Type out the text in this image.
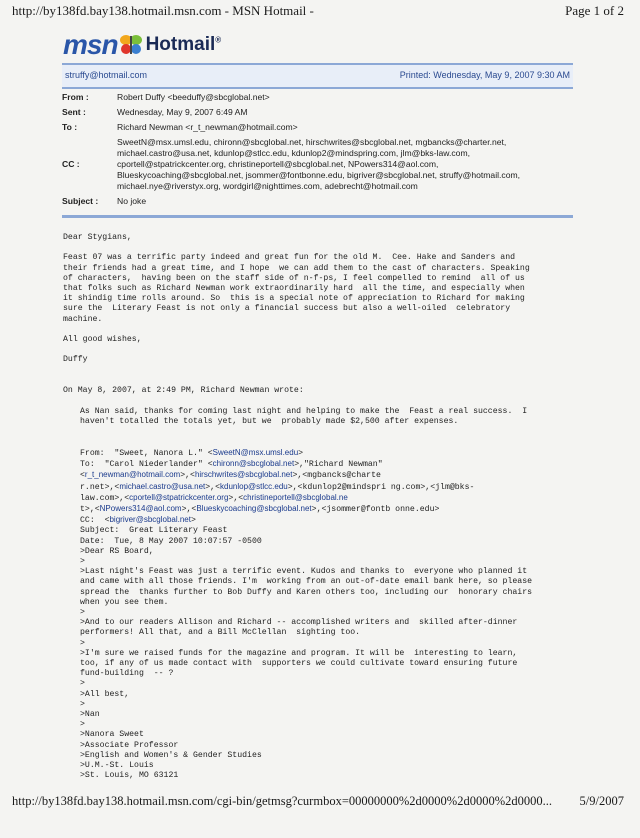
http://by138fd.bay138.hotmail.msn.com - MSN Hotmail -	Page 1 of 2
msn Hotmail®
struffy@hotmail.com	Printed: Wednesday, May 9, 2007 9:30 AM
From :	Robert Duffy <beeduffy@sbcglobal.net>
Sent :	Wednesday, May 9, 2007 6:49 AM
To :	Richard Newman <r_t_newman@hotmail.com>
CC :
SweetN@msx.umsl.edu, chironn@sbcglobal.net, hirschwrites@sbcglobal.net, mgbancks@charter.net,
michael.castro@usa.net, kdunlop@stlcc.edu, kdunlop2@mindspring.com, jlm@bks-law.com,
cportell@stpatrickcenter.org, christineportell@sbcglobal.net, NPowers314@aol.com,
Blueskycoaching@sbcglobal.net, jsommer@fontbonne.edu, bigriver@sbcglobal.net, struffy@hotmail.com,
michael.nye@riverstyx.org, wordgirl@nighttimes.com, adebrecht@hotmail.com
Subject :	No joke
Dear Stygians,

Feast 07 was a terrific party indeed and great fun for the old M.  Cee. Hake and Sanders and
their friends had a great time, and I hope  we can add them to the cast of characters. Speaking
of characters,  having been on the staff side of n-f-ps, I feel compelled to remind  all of us
that folks such as Richard Newman work extraordinarily hard  all the time, and especially when
it shindig time rolls around. So  this is a special note of appreciation to Richard for making
sure the  Literary Feast is not only a financial success but also a well-oiled  celebratory
machine.

All good wishes,

Duffy

On May 8, 2007, at 2:49 PM, Richard Newman wrote:
As Nan said, thanks for coming last night and helping to make the  Feast a real success.  I
haven't totalled the totals yet, but we  probably made $2,500 after expenses.
From:  "Sweet, Nanora L." <SweetN@msx.umsl.edu>
To:  "Carol Niederlander" <chironn@sbcglobal.net>,"Richard Newman"
<r_t_newman@hotmail.com>,<hirschwrites@sbcglobal.net>,<mgbancks@charte
r.net>,<michael.castro@usa.net>,<kdunlop@stlcc.edu>,<kdunlop2@mindspri ng.com>,<jlm@bks-
law.com>,<cportell@stpatrickcenter.org>,<christineportell@sbcglobal.ne
t>,<NPowers314@aol.com>,<Blueskycoaching@sbcglobal.net>,<jsommer@fontb onne.edu>
CC:  <bigriver@sbcglobal.net>
Subject:  Great Literary Feast
Date:  Tue, 8 May 2007 10:07:57 -0500
>Dear RS Board,
>
>Last night's Feast was just a terrific event. Kudos and thanks to  everyone who planned it
and came with all those friends. I'm  working from an out-of-date email bank here, so please
spread the  thanks further to Bob Duffy and Karen others too, including our  honorary chairs
when you see them.
>
>And to our readers Allison and Richard -- accomplished writers and  skilled after-dinner
performers! All that, and a Bill McClellan  sighting too.
>
>I'm sure we raised funds for the magazine and program. It will be  interesting to learn,
too, if any of us made contact with  supporters we could cultivate toward ensuring future
fund-building  -- ?
>
>All best,
>
>Nan
>
>Nanora Sweet
>Associate Professor
>English and Women's & Gender Studies
>U.M.-St. Louis
>St. Louis, MO 63121
http://by138fd.bay138.hotmail.msn.com/cgi-bin/getmsg?curmbox=00000000%2d0000%2d0000%2d0000... 5/9/2007
